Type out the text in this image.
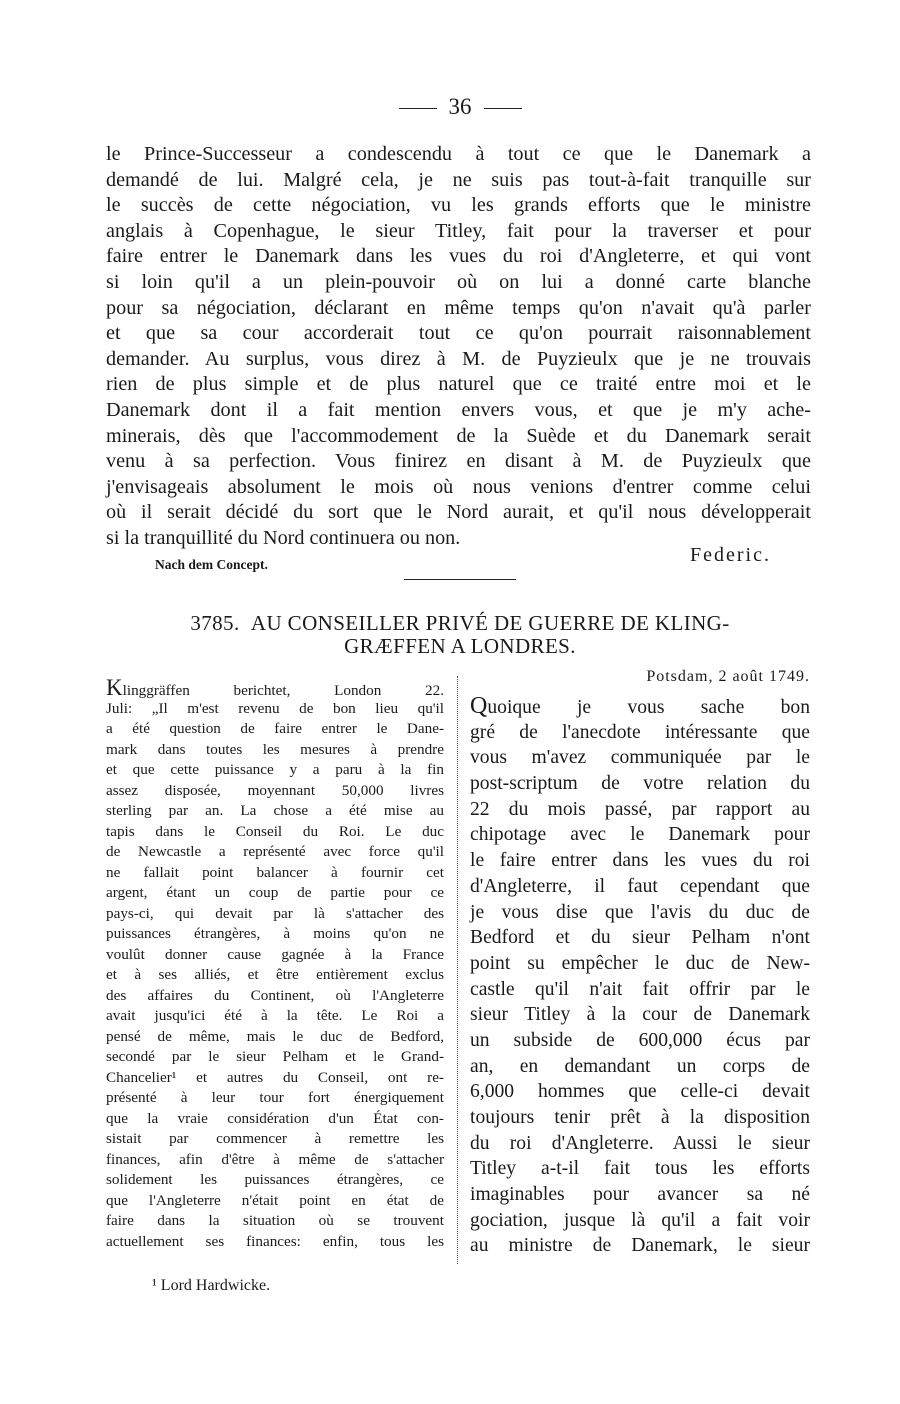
36
le Prince-Successeur a condescendu à tout ce que le Danemark a
demandé de lui. Malgré cela, je ne suis pas tout-à-fait tranquille sur
le succès de cette négociation, vu les grands efforts que le ministre
anglais à Copenhague, le sieur Titley, fait pour la traverser et pour
faire entrer le Danemark dans les vues du roi d'Angleterre, et qui vont
si loin qu'il a un plein-pouvoir où on lui a donné carte blanche
pour sa négociation, déclarant en même temps qu'on n'avait qu'à parler
et que sa cour accorderait tout ce qu'on pourrait raisonnablement
demander. Au surplus, vous direz à M. de Puyzieulx que je ne trouvais
rien de plus simple et de plus naturel que ce traité entre moi et le
Danemark dont il a fait mention envers vous, et que je m'y ache-
minerais, dès que l'accommodement de la Suède et du Danemark serait
venu à sa perfection. Vous finirez en disant à M. de Puyzieulx que
j'envisageais absolument le mois où nous venions d'entrer comme celui
où il serait décidé du sort que le Nord aurait, et qu'il nous développerait
si la tranquillité du Nord continuera ou non.
Federic.
Nach dem Concept.
3785. AU CONSEILLER PRIVÉ DE GUERRE DE KLING-
GRÆFFEN A LONDRES.
Klinggräffen berichtet, London 22.
Juli: „Il m'est revenu de bon lieu qu'il
a été question de faire entrer le Dane-
mark dans toutes les mesures à prendre
et que cette puissance y a paru à la fin
assez disposée, moyennant 50,000 livres
sterling par an. La chose a été mise au
tapis dans le Conseil du Roi. Le duc
de Newcastle a représenté avec force qu'il
ne fallait point balancer à fournir cet
argent, étant un coup de partie pour ce
pays-ci, qui devait par là s'attacher des
puissances étrangères, à moins qu'on ne
voulût donner cause gagnée à la France
et à ses alliés, et être entièrement exclus
des affaires du Continent, où l'Angleterre
avait jusqu'ici été à la tête. Le Roi a
pensé de même, mais le duc de Bedford,
secondé par le sieur Pelham et le Grand-
Chancelier¹ et autres du Conseil, ont re-
présenté à leur tour fort énergiquement
que la vraie considération d'un État con-
sistait par commencer à remettre les
finances, afin d'être à même de s'attacher
solidement les puissances étrangères, ce
que l'Angleterre n'était point en état de
faire dans la situation où se trouvent
actuellement ses finances: enfin, tous les
Potsdam, 2 août 1749.
Quoique je vous sache bon
gré de l'anecdote intéressante que
vous m'avez communiquée par le
post-scriptum de votre relation du
22 du mois passé, par rapport au
chipotage avec le Danemark pour
le faire entrer dans les vues du roi
d'Angleterre, il faut cependant que
je vous dise que l'avis du duc de
Bedford et du sieur Pelham n'ont
point su empêcher le duc de New-
castle qu'il n'ait fait offrir par le
sieur Titley à la cour de Danemark
un subside de 600,000 écus par
an, en demandant un corps de
6,000 hommes que celle-ci devait
toujours tenir prêt à la disposition
du roi d'Angleterre. Aussi le sieur
Titley a-t-il fait tous les efforts
imaginables pour avancer sa né
gociation, jusque là qu'il a fait voir
au ministre de Danemark, le sieur
¹ Lord Hardwicke.
